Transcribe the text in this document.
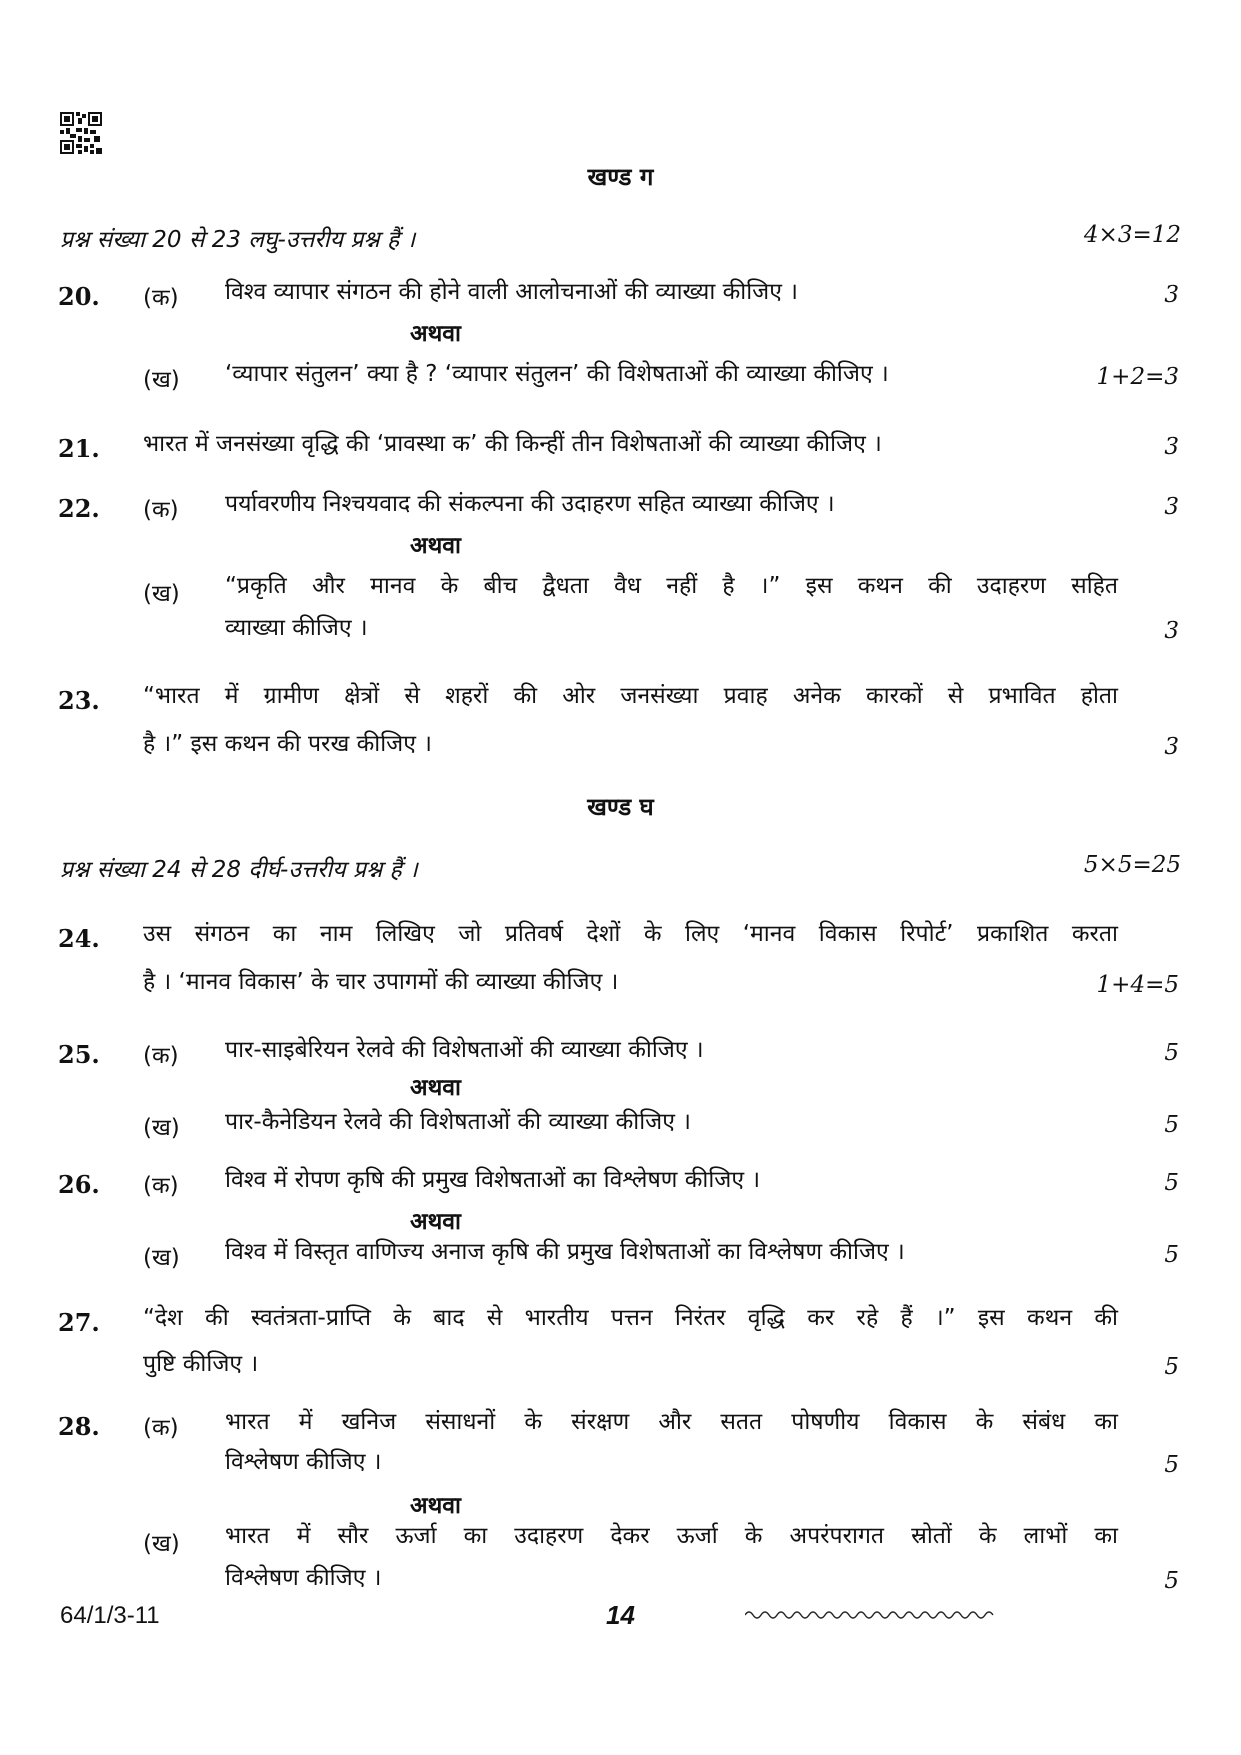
खण्ड ग
प्रश्न संख्या 20 से 23 लघु-उत्तरीय प्रश्न हैं ।	4×3=12
20. (क) विश्व व्यापार संगठन की होने वाली आलोचनाओं की व्याख्या कीजिए ।	3
अथवा
(ख) ‘व्यापार संतुलन’ क्या है ? ‘व्यापार संतुलन’ की विशेषताओं की व्याख्या कीजिए ।	1+2=3
21. भारत में जनसंख्या वृद्धि की ‘प्रावस्था क’ की किन्हीं तीन विशेषताओं की व्याख्या कीजिए ।	3
22. (क) पर्यावरणीय निश्चयवाद की संकल्पना की उदाहरण सहित व्याख्या कीजिए ।	3
अथवा
(ख) “प्रकृति और मानव के बीच द्वैधता वैध नहीं है ।” इस कथन की उदाहरण सहित
व्याख्या कीजिए ।	3
23. “भारत में ग्रामीण क्षेत्रों से शहरों की ओर जनसंख्या प्रवाह अनेक कारकों से प्रभावित होता
है ।” इस कथन की परख कीजिए ।	3
खण्ड घ
प्रश्न संख्या 24 से 28 दीर्घ-उत्तरीय प्रश्न हैं ।	5×5=25
24. उस संगठन का नाम लिखिए जो प्रतिवर्ष देशों के लिए ‘मानव विकास रिपोर्ट’ प्रकाशित करता
है । ‘मानव विकास’ के चार उपागमों की व्याख्या कीजिए ।	1+4=5
25. (क) पार-साइबेरियन रेलवे की विशेषताओं की व्याख्या कीजिए ।	5
अथवा
(ख) पार-कैनेडियन रेलवे की विशेषताओं की व्याख्या कीजिए ।	5
26. (क) विश्व में रोपण कृषि की प्रमुख विशेषताओं का विश्लेषण कीजिए ।	5
अथवा
(ख) विश्व में विस्तृत वाणिज्य अनाज कृषि की प्रमुख विशेषताओं का विश्लेषण कीजिए ।	5
27. “देश की स्वतंत्रता-प्राप्ति के बाद से भारतीय पत्तन निरंतर वृद्धि कर रहे हैं ।” इस कथन की
पुष्टि कीजिए ।	5
28. (क) भारत में खनिज संसाधनों के संरक्षण और सतत पोषणीय विकास के संबंध का
विश्लेषण कीजिए ।	5
अथवा
(ख) भारत में सौर ऊर्जा का उदाहरण देकर ऊर्जा के अपरंपरागत स्रोतों के लाभों का
विश्लेषण कीजिए ।	5
64/1/3-11	14
